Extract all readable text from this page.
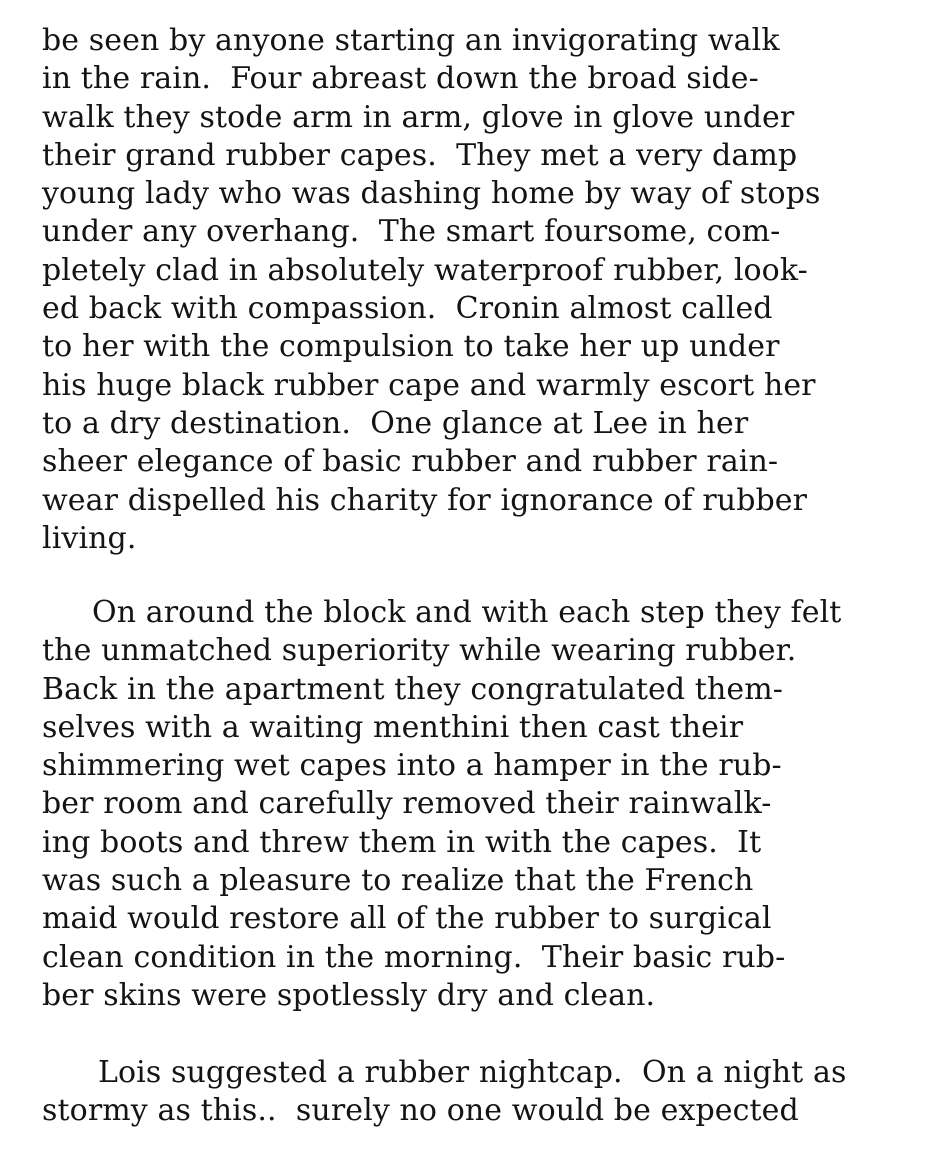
be seen by anyone starting an invigorating walk
in the rain.  Four abreast down the broad side-
walk they stode arm in arm, glove in glove under
their grand rubber capes.  They met a very damp
young lady who was dashing home by way of stops
under any overhang.  The smart foursome, com-
pletely clad in absolutely waterproof rubber, look-
ed back with compassion.  Cronin almost called
to her with the compulsion to take her up under
his huge black rubber cape and warmly escort her
to a dry destination.  One glance at Lee in her
sheer elegance of basic rubber and rubber rain-
wear dispelled his charity for ignorance of rubber
living.
On around the block and with each step they felt
the unmatched superiority while wearing rubber.
Back in the apartment they congratulated them-
selves with a waiting menthini then cast their
shimmering wet capes into a hamper in the rub-
ber room and carefully removed their rainwalk-
ing boots and threw them in with the capes.  It
was such a pleasure to realize that the French
maid would restore all of the rubber to surgical
clean condition in the morning.  Their basic rub-
ber skins were spotlessly dry and clean.
Lois suggested a rubber nightcap.  On a night as
stormy as this..  surely no one would be expected
